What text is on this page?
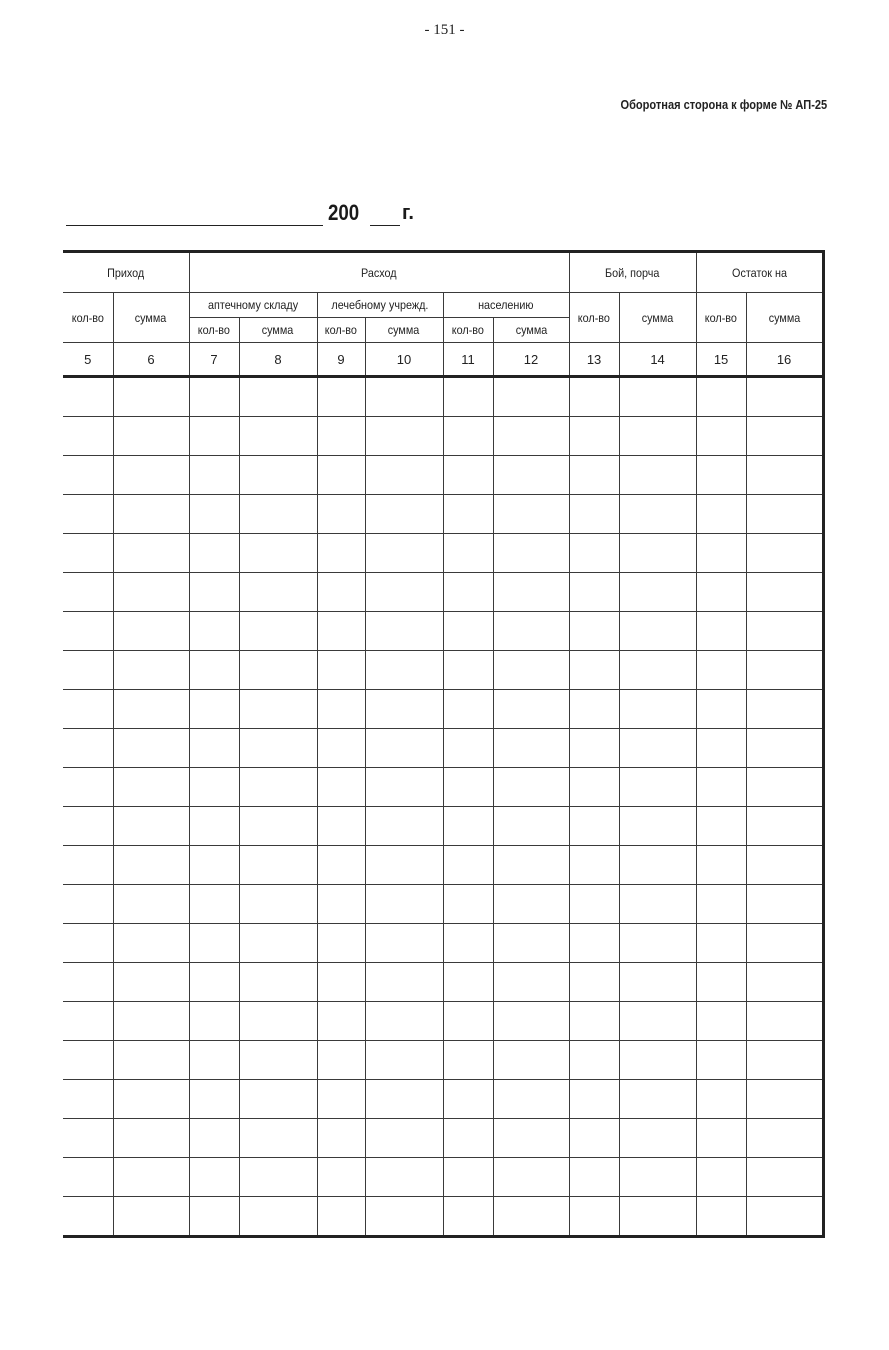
- 151 -
Оборотная сторона к форме № АП-25
200 г.
Приход		Расход						Бой, порча		Остаток на	
кол-во	сумма	аптечному складу		лечебному учрежд.		населению		кол-во	сумма	кол-во	сумма
		кол-во	сумма	кол-во	сумма	кол-во	сумма				
5	6	7	8	9	10	11	12	13	14	15	16
